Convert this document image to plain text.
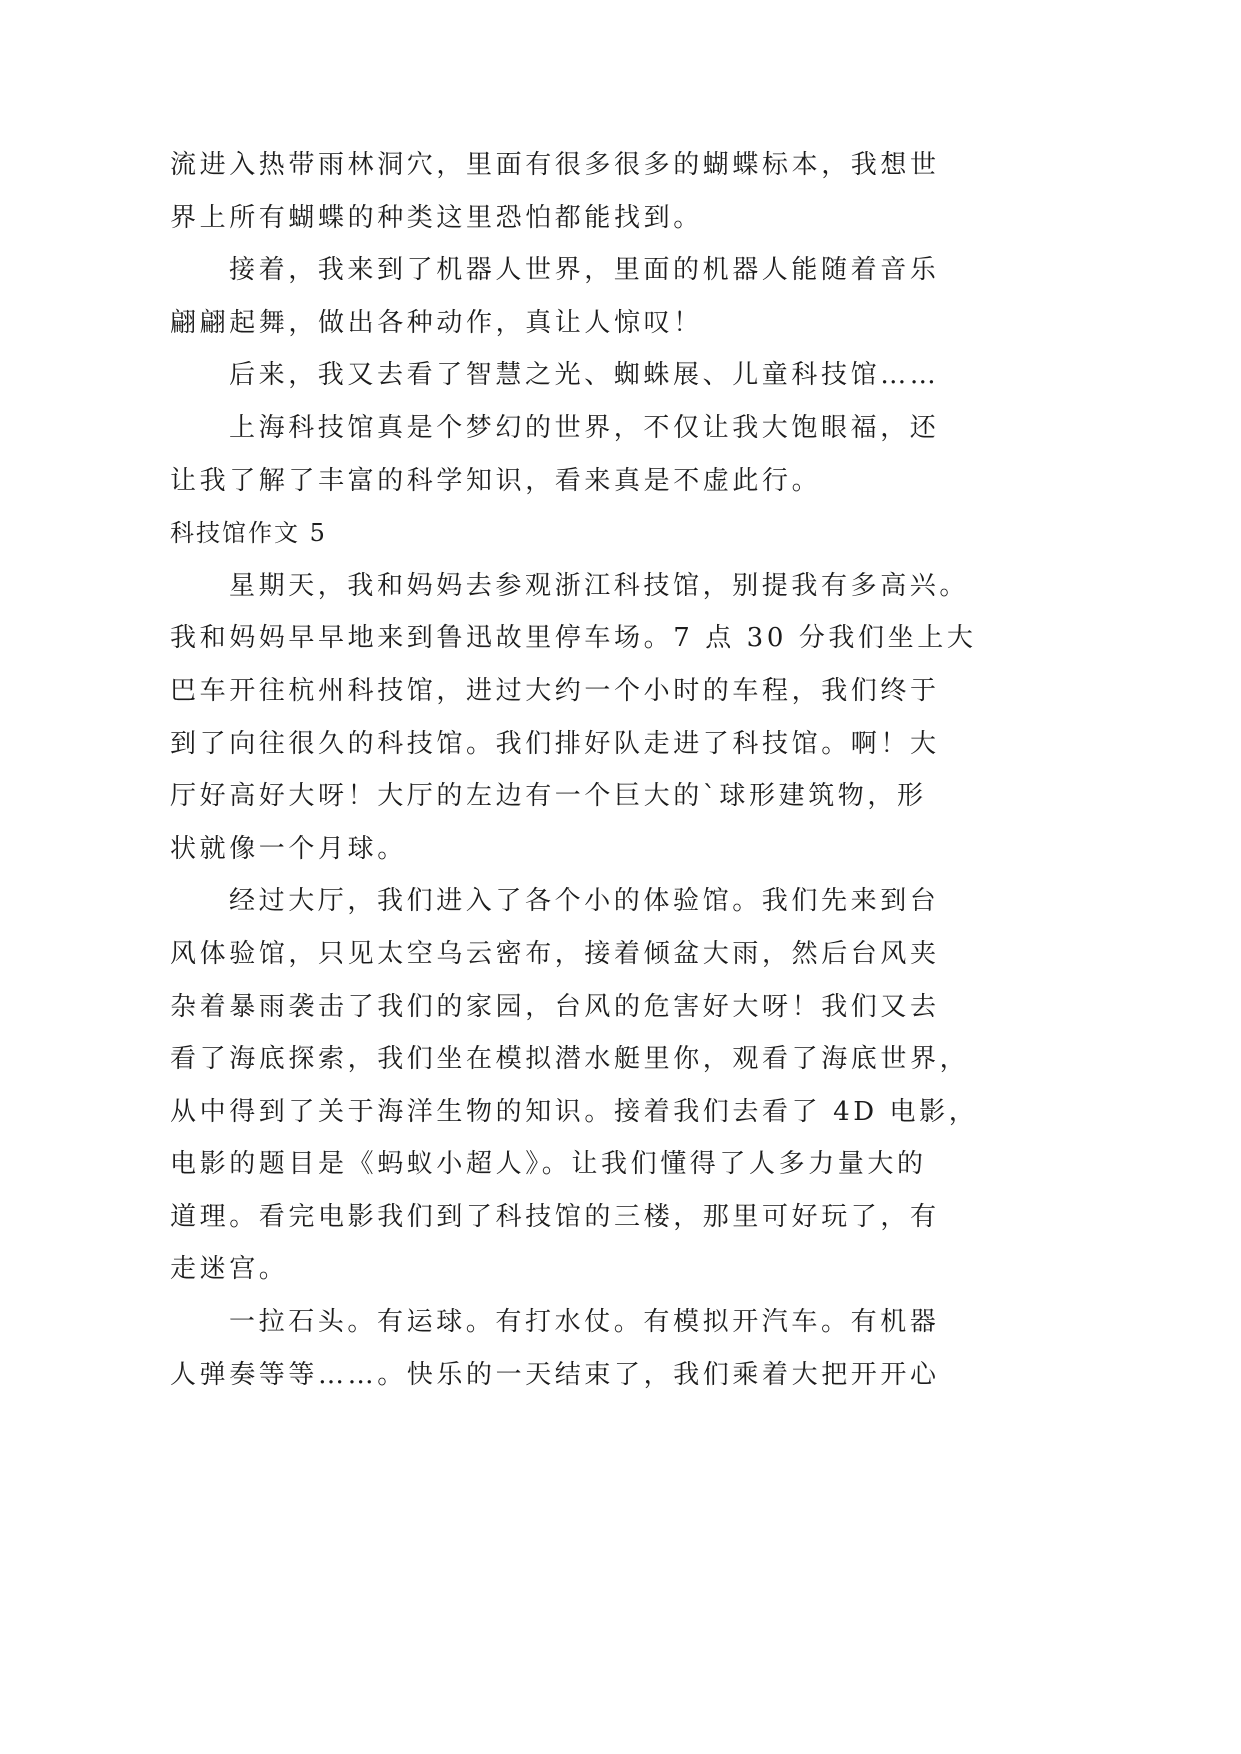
流进入热带雨林洞穴，里面有很多很多的蝴蝶标本，我想世
界上所有蝴蝶的种类这里恐怕都能找到。
接着，我来到了机器人世界，里面的机器人能随着音乐
翩翩起舞，做出各种动作，真让人惊叹！
后来，我又去看了智慧之光、蜘蛛展、儿童科技馆……
上海科技馆真是个梦幻的世界，不仅让我大饱眼福，还
让我了解了丰富的科学知识，看来真是不虚此行。
科技馆作文 5
星期天，我和妈妈去参观浙江科技馆，别提我有多高兴。
我和妈妈早早地来到鲁迅故里停车场。7 点 30 分我们坐上大
巴车开往杭州科技馆，进过大约一个小时的车程，我们终于
到了向往很久的科技馆。我们排好队走进了科技馆。啊！大
厅好高好大呀！大厅的左边有一个巨大的`球形建筑物，形
状就像一个月球。
经过大厅，我们进入了各个小的体验馆。我们先来到台
风体验馆，只见太空乌云密布，接着倾盆大雨，然后台风夹
杂着暴雨袭击了我们的家园，台风的危害好大呀！我们又去
看了海底探索，我们坐在模拟潜水艇里你，观看了海底世界，
从中得到了关于海洋生物的知识。接着我们去看了 4D 电影，
电影的题目是《蚂蚁小超人》。让我们懂得了人多力量大的
道理。看完电影我们到了科技馆的三楼，那里可好玩了，有
走迷宫。
一拉石头。有运球。有打水仗。有模拟开汽车。有机器
人弹奏等等……。快乐的一天结束了，我们乘着大把开开心
